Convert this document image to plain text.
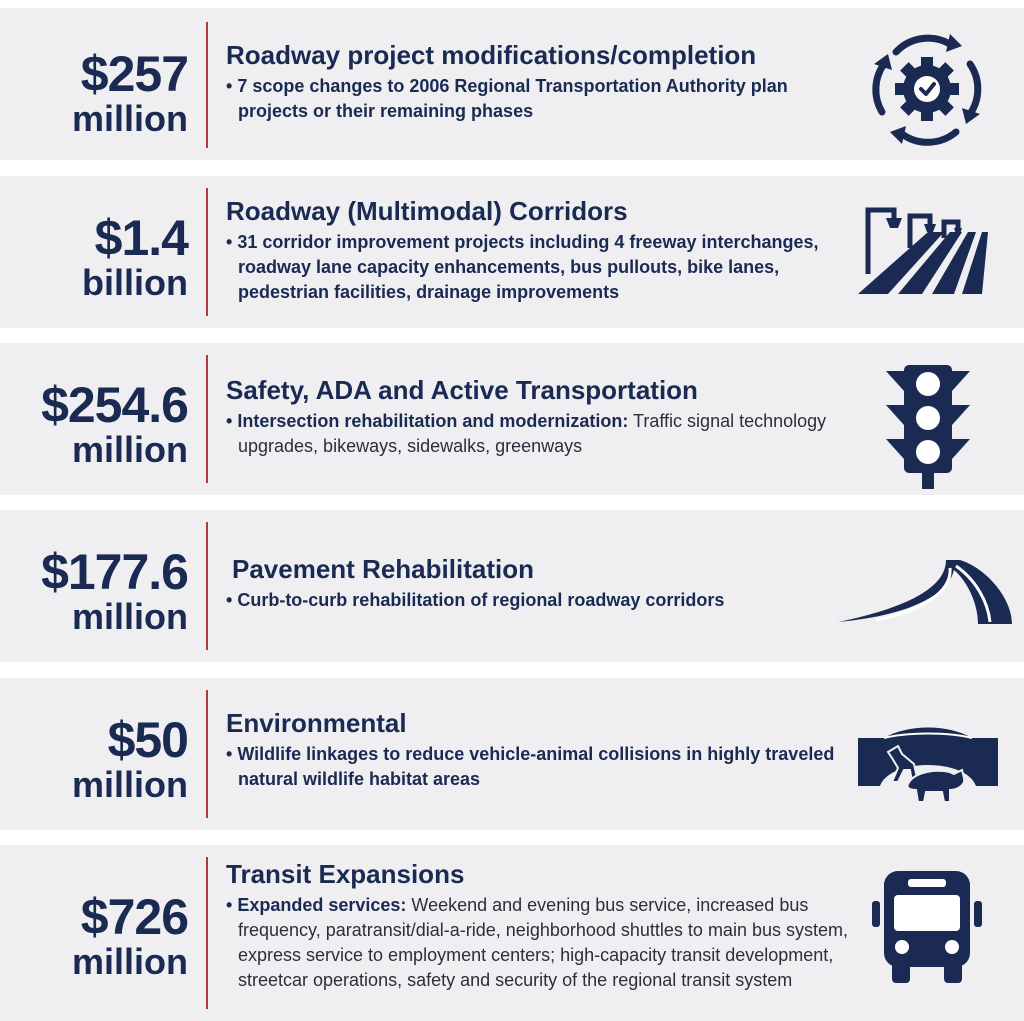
$257
million
Roadway project modifications/completion
• 7 scope changes to 2006 Regional Transportation Authority plan projects or their remaining phases
$1.4
billion
Roadway (Multimodal) Corridors
• 31 corridor improvement projects including 4 freeway interchanges, roadway lane capacity enhancements, bus pullouts, bike lanes, pedestrian facilities, drainage improvements
$254.6
million
Safety, ADA and Active Transportation
• Intersection rehabilitation and modernization: Traffic signal technology upgrades, bikeways, sidewalks, greenways
$177.6
million
Pavement Rehabilitation
• Curb-to-curb rehabilitation of regional roadway corridors
$50
million
Environmental
• Wildlife linkages to reduce vehicle-animal collisions in highly traveled natural wildlife habitat areas
$726
million
Transit Expansions
• Expanded services: Weekend and evening bus service, increased bus frequency, paratransit/dial-a-ride, neighborhood shuttles to main bus system, express service to employment centers; high-capacity transit development, streetcar operations, safety and security of the regional transit system
